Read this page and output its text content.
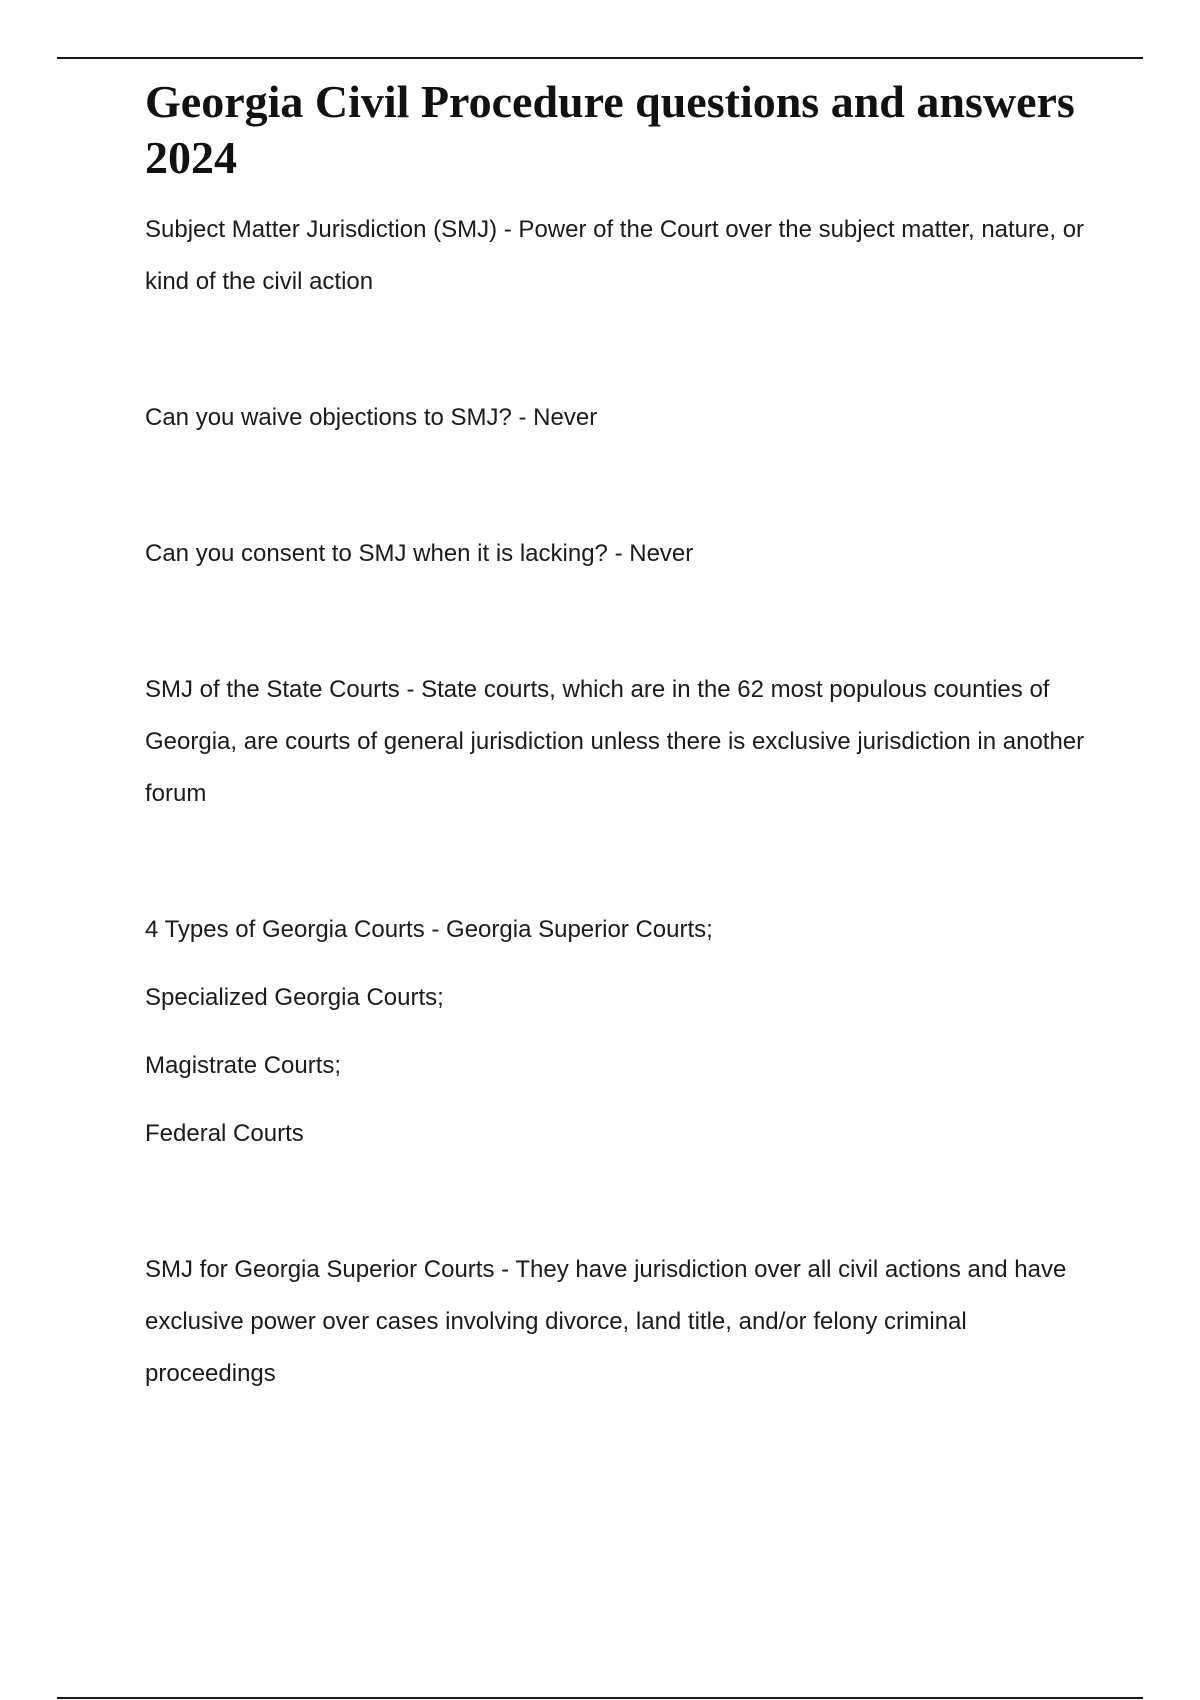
Georgia Civil Procedure questions and answers 2024

Subject Matter Jurisdiction (SMJ) - Power of the Court over the subject matter, nature, or kind of the civil action

Can you waive objections to SMJ? - Never

Can you consent to SMJ when it is lacking? - Never

SMJ of the State Courts - State courts, which are in the 62 most populous counties of Georgia, are courts of general jurisdiction unless there is exclusive jurisdiction in another forum

4 Types of Georgia Courts - Georgia Superior Courts;
Specialized Georgia Courts;
Magistrate Courts;
Federal Courts

SMJ for Georgia Superior Courts - They have jurisdiction over all civil actions and have exclusive power over cases involving divorce, land title, and/or felony criminal proceedings
